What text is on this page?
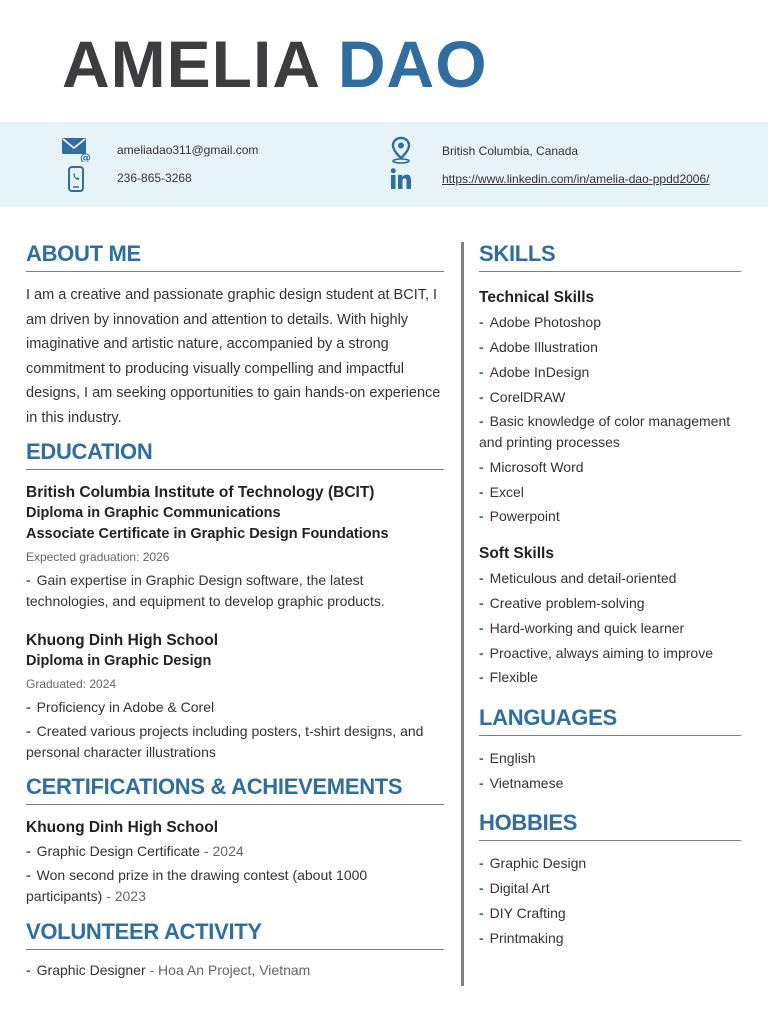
AMELIA DAO
@
ameliadao311@gmail.com
236-865-3268
British Columbia, Canada
https://www.linkedin.com/in/amelia-dao-ppdd2006/
ABOUT ME

I am a creative and passionate graphic design student at BCIT, I am driven by innovation and attention to details. With highly imaginative and artistic nature, accompanied by a strong commitment to producing visually compelling and impactful designs, I am seeking opportunities to gain hands-on experience in this industry.

EDUCATION
British Columbia Institute of Technology (BCIT)
Diploma in Graphic Communications
Associate Certificate in Graphic Design Foundations
Expected graduation: 2026
- Gain expertise in Graphic Design software, the latest technologies, and equipment to develop graphic products.
Khuong Dinh High School
Diploma in Graphic Design
Graduated: 2024
- Proficiency in Adobe & Corel
- Created various projects including posters, t-shirt designs, and personal character illustrations
CERTIFICATIONS & ACHIEVEMENTS
Khuong Dinh High School
- Graphic Design Certificate - 2024
- Won second prize in the drawing contest (about 1000 participants) - 2023
VOLUNTEER ACTIVITY
- Graphic Designer - Hoa An Project, Vietnam
SKILLS
Technical Skills
- Adobe Photoshop
- Adobe Illustration
- Adobe InDesign
- CorelDRAW
- Basic knowledge of color management and printing processes
- Microsoft Word
- Excel
- Powerpoint
Soft Skills
- Meticulous and detail-oriented
- Creative problem-solving
- Hard-working and quick learner
- Proactive, always aiming to improve
- Flexible
LANGUAGES
- English
- Vietnamese
HOBBIES
- Graphic Design
- Digital Art
- DIY Crafting
- Printmaking
